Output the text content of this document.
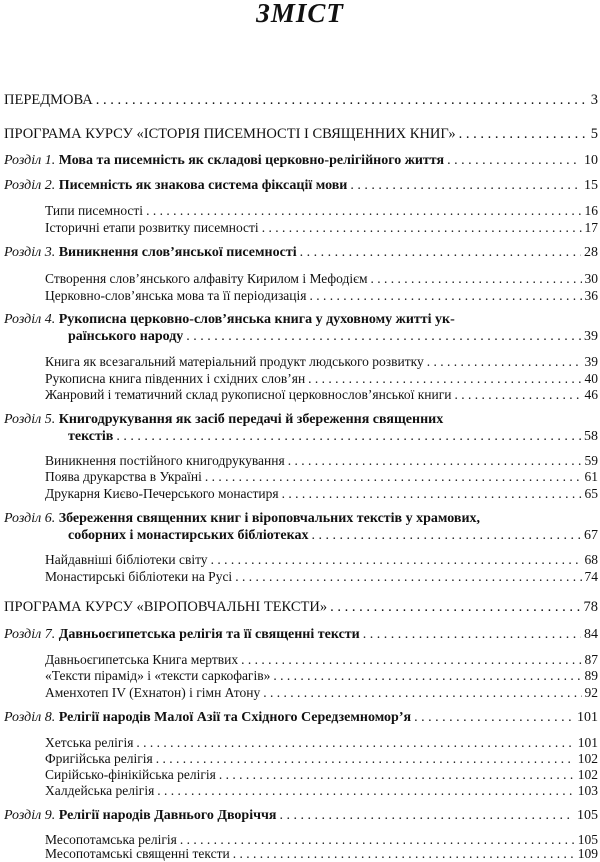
ЗМІСТ
ПЕРЕДМОВА . . .	3
ПРОГРАМА КУРСУ «ІСТОРІЯ ПИСЕМНОСТІ І СВЯЩЕННИХ КНИГ» . . .	5
Розділ 1. Мова та писемність як складові церковно-релігійного життя . . .	10
Розділ 2. Писемність як знакова система фіксації мови . . .	15
Типи писемності . . .	16
Історичні етапи розвитку писемності . . .	17
Розділ 3. Виникнення слов’янської писемності . . .	28
Створення слов’янського алфавіту Кирилом і Мефодієм . . .	30
Церковно-слов’янська мова та її періодизація . . .	36
Розділ 4. Рукописна церковно-слов’янська книга у духовному житті ук-
раїнського народу . . .	39
Книга як всезагальний матеріальний продукт людського розвитку . . .	39
Рукописна книга південних і східних слов’ян . . .	40
Жанровий і тематичний склад рукописної церковнослов’янської книги . . .	46
Розділ 5. Книгодрукування як засіб передачі й збереження священних
текстів . . .	58
Виникнення постійного книгодрукування . . .	59
Поява друкарства в Україні . . .	61
Друкарня Києво-Печерського монастиря . . .	65
Розділ 6. Збереження священних книг і віроповчальних текстів у храмових,
соборних і монастирських бібліотеках . . .	67
Найдавніші бібліотеки світу . . .	68
Монастирські бібліотеки на Русі . . .	74
ПРОГРАМА КУРСУ «ВІРОПОВЧАЛЬНІ ТЕКСТИ» . . .	78
Розділ 7. Давньоєгипетська релігія та її священні тексти . . .	84
Давньоєгипетська Книга мертвих . . .	87
«Тексти пірамід» і «тексти саркофагів» . . .	89
Аменхотеп IV (Ехнатон) і гімн Атону . . .	92
Розділ 8. Релігії народів Малої Азії та Східного Середземномор’я . . .	101
Хетська релігія . . .	101
Фригійська релігія . . .	102
Сирійсько-фінікійська релігія . . .	102
Халдейська релігія . . .	103
Розділ 9. Релігії народів Давнього Дворіччя . . .	105
Месопотамська релігія . . .	105
Месопотамські священні тексти . . .	109
